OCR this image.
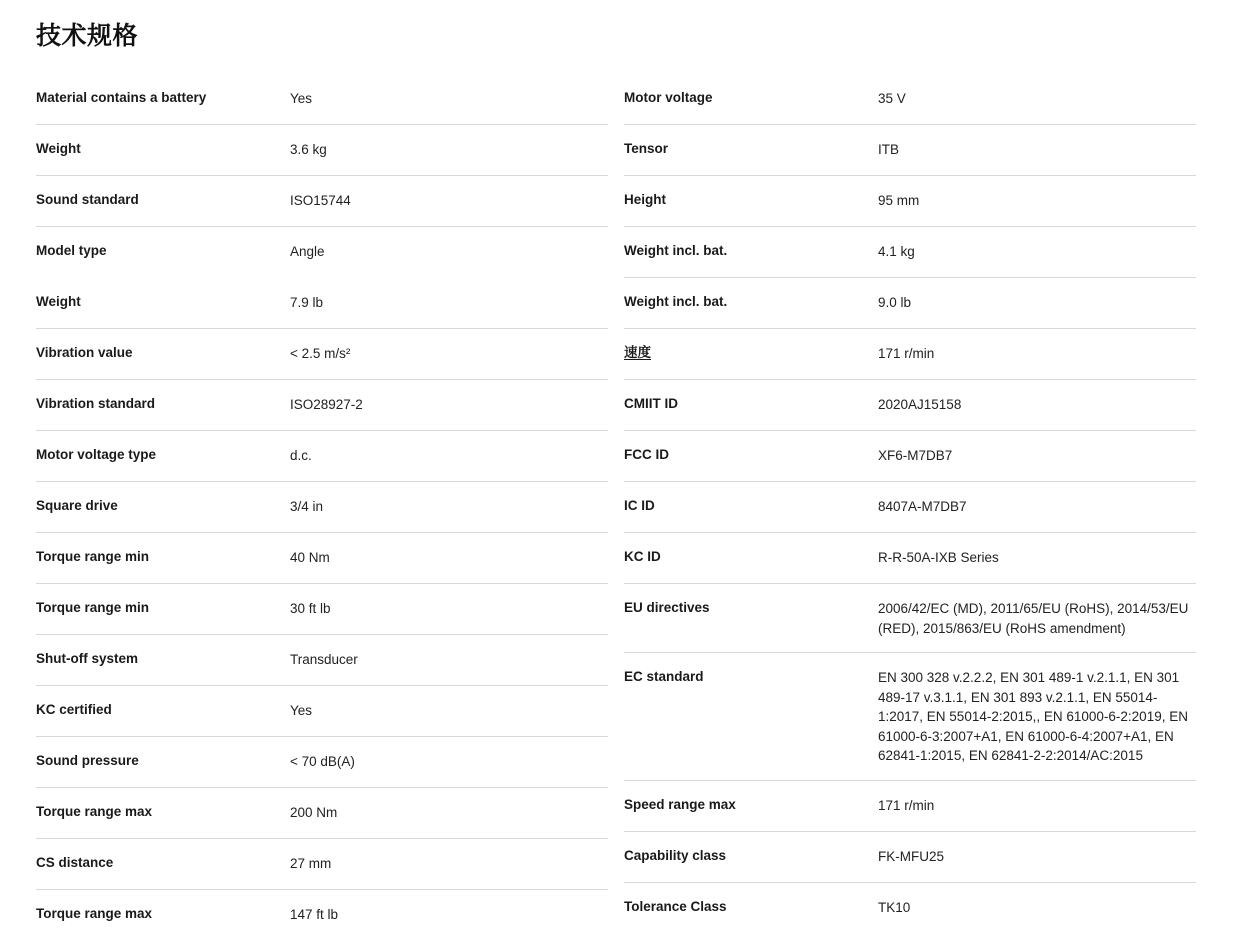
技术规格
Material contains a battery	Yes
Weight	3.6 kg
Sound standard	ISO15744
Model type	Angle
Weight	7.9 lb
Vibration value	< 2.5 m/s²
Vibration standard	ISO28927-2
Motor voltage type	d.c.
Square drive	3/4 in
Torque range min	40 Nm
Torque range min	30 ft lb
Shut-off system	Transducer
KC certified	Yes
Sound pressure	< 70 dB(A)
Torque range max	200 Nm
CS distance	27 mm
Torque range max	147 ft lb
Motor voltage	35 V
Tensor	ITB
Height	95 mm
Weight incl. bat.	4.1 kg
Weight incl. bat.	9.0 lb
速度	171 r/min
CMIIT ID	2020AJ15158
FCC ID	XF6-M7DB7
IC ID	8407A-M7DB7
KC ID	R-R-50A-IXB Series
EU directives	2006/42/EC (MD), 2011/65/EU (RoHS), 2014/53/EU (RED), 2015/863/EU (RoHS amendment)
EC standard	EN 300 328 v.2.2.2, EN 301 489-1 v.2.1.1, EN 301 489-17 v.3.1.1, EN 301 893 v.2.1.1, EN 55014-1:2017, EN 55014-2:2015,, EN 61000-6-2:2019, EN 61000-6-3:2007+A1, EN 61000-6-4:2007+A1, EN 62841-1:2015, EN 62841-2-2:2014/AC:2015
Speed range max	171 r/min
Capability class	FK-MFU25
Tolerance Class	TK10
